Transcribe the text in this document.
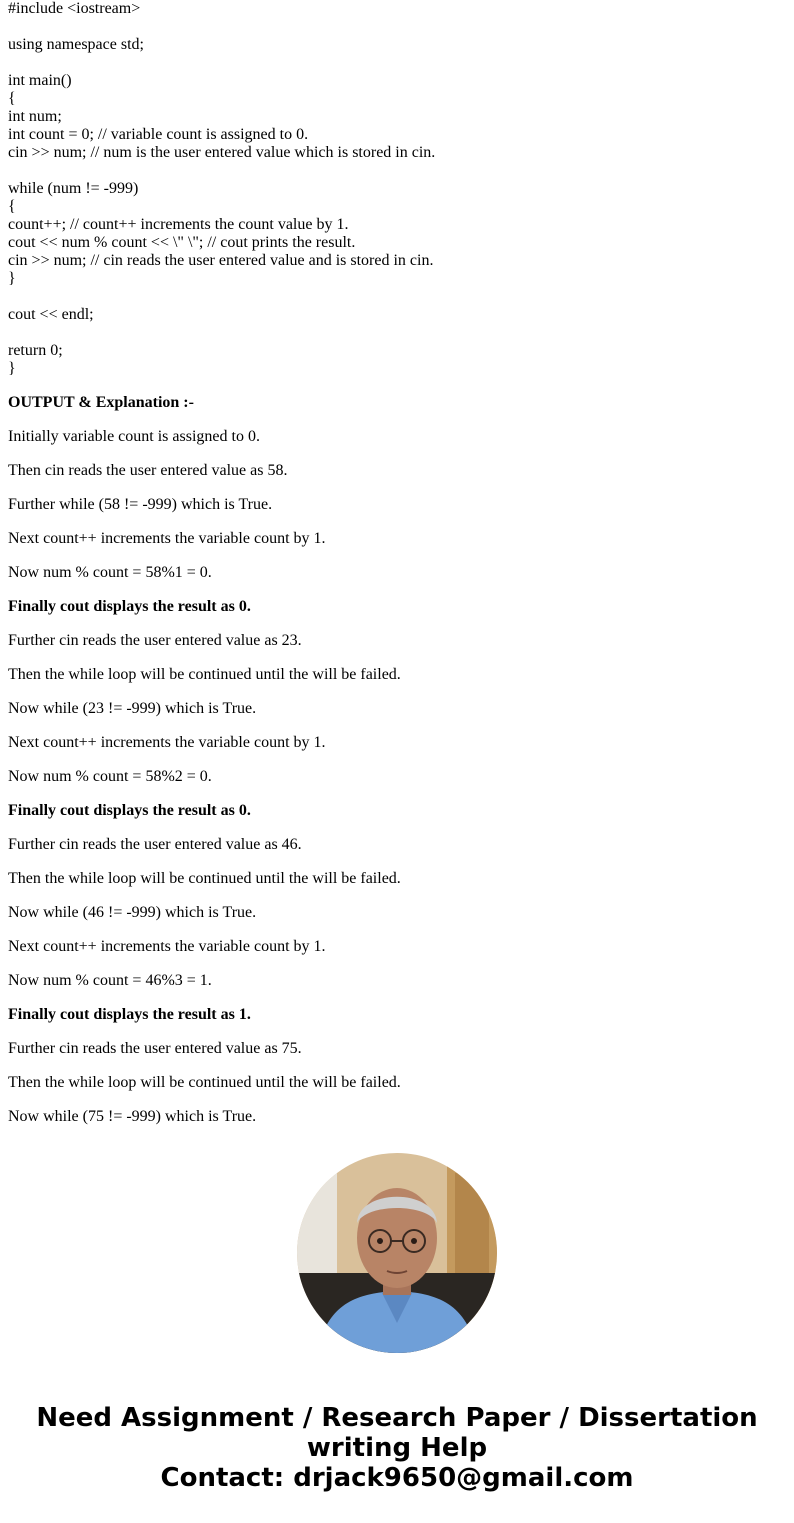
#include <iostream>
using namespace std;
int main()
{
int num;
int count = 0; // variable count is assigned to 0.
cin >> num; // num is the user entered value which is stored in cin.
while (num != -999)
{
count++; // count++ increments the count value by 1.
cout << num % count << \" \"; // cout prints the result.
cin >> num; // cin reads the user entered value and is stored in cin.
}
cout << endl;
return 0;
}
OUTPUT & Explanation :-

Initially variable count is assigned to 0.

Then cin reads the user entered value as 58.

Further while (58 != -999) which is True.

Next count++ increments the variable count by 1.

Now num % count = 58%1 = 0.

Finally cout displays the result as 0.

Further cin reads the user entered value as 23.

Then the while loop will be continued until the will be failed.

Now while (23 != -999) which is True.

Next count++ increments the variable count by 1.

Now num % count = 58%2 = 0.

Finally cout displays the result as 0.

Further cin reads the user entered value as 46.

Then the while loop will be continued until the will be failed.

Now while (46 != -999) which is True.

Next count++ increments the variable count by 1.

Now num % count = 46%3 = 1.

Finally cout displays the result as 1.

Further cin reads the user entered value as 75.

Then the while loop will be continued until the will be failed.

Now while (75 != -999) which is True.

Need Assignment / Research Paper / Dissertation
writing Help
Contact: drjack9650@gmail.com
